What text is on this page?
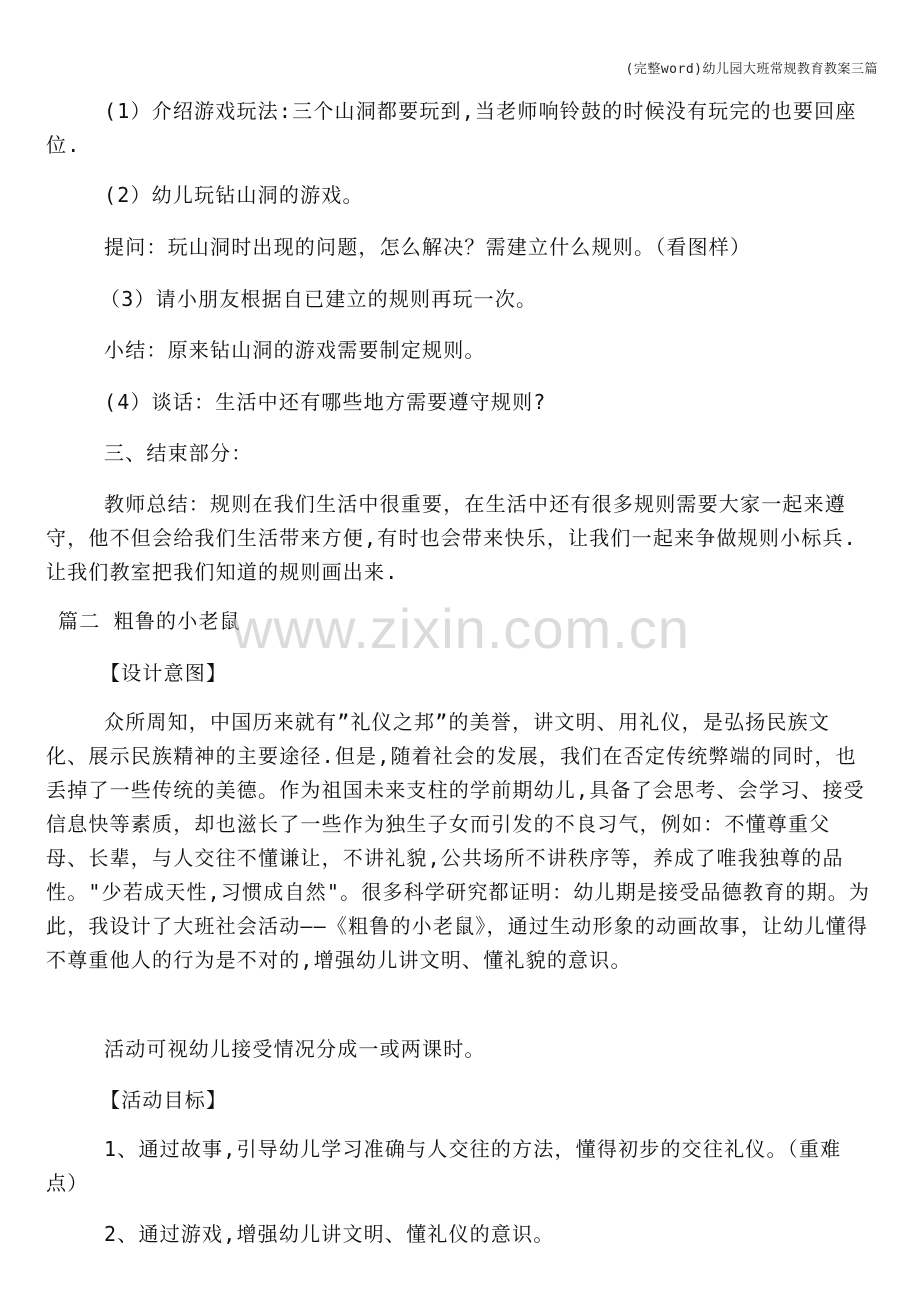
(完整word)幼儿园大班常规教育教案三篇

(1）介绍游戏玩法:三个山洞都要玩到,当老师响铃鼓的时候没有玩完的也要回座位.

(2）幼儿玩钻山洞的游戏。

提问：玩山洞时出现的问题，怎么解决？需建立什么规则。（看图样）

（3）请小朋友根据自已建立的规则再玩一次。

小结：原来钻山洞的游戏需要制定规则。

(4）谈话：生活中还有哪些地方需要遵守规则?

三、结束部分：

教师总结：规则在我们生活中很重要，在生活中还有很多规则需要大家一起来遵守，他不但会给我们生活带来方便,有时也会带来快乐，让我们一起来争做规则小标兵.让我们教室把我们知道的规则画出来.

篇二 粗鲁的小老鼠

【设计意图】

众所周知，中国历来就有”礼仪之邦”的美誉，讲文明、用礼仪，是弘扬民族文化、展示民族精神的主要途径.但是,随着社会的发展，我们在否定传统弊端的同时，也丢掉了一些传统的美德。作为祖国未来支柱的学前期幼儿,具备了会思考、会学习、接受信息快等素质，却也滋长了一些作为独生子女而引发的不良习气，例如：不懂尊重父母、长辈，与人交往不懂谦让，不讲礼貌,公共场所不讲秩序等，养成了唯我独尊的品性。"少若成天性,习惯成自然"。很多科学研究都证明：幼儿期是接受品德教育的期。为此，我设计了大班社会活动——《粗鲁的小老鼠》，通过生动形象的动画故事，让幼儿懂得不尊重他人的行为是不对的,增强幼儿讲文明、懂礼貌的意识。

活动可视幼儿接受情况分成一或两课时。

【活动目标】

1、通过故事,引导幼儿学习准确与人交往的方法，懂得初步的交往礼仪。（重难点）

2、通过游戏,增强幼儿讲文明、懂礼仪的意识。

www.zixin.com.cn
